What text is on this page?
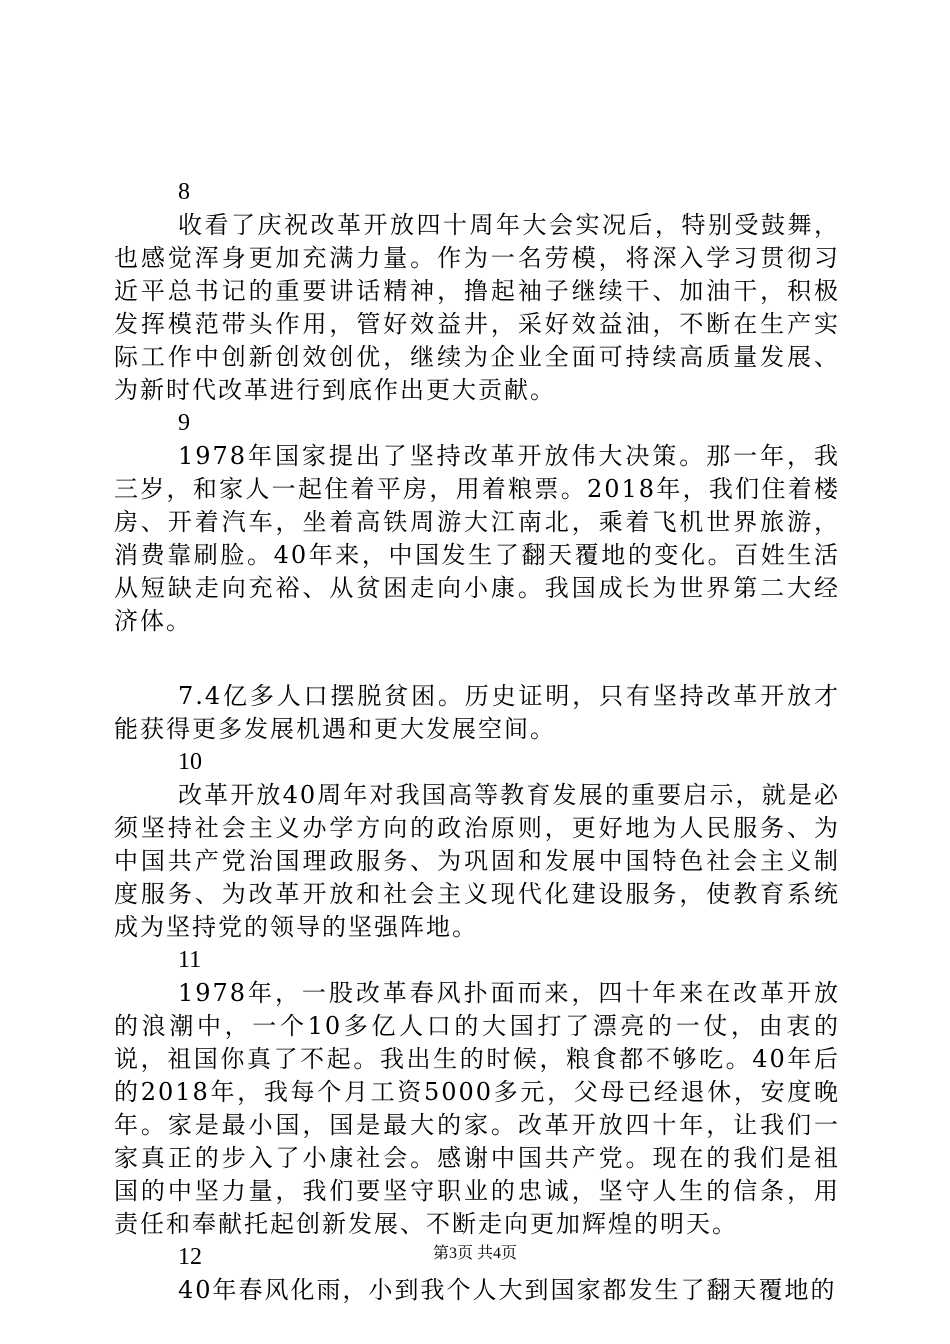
8

收看了庆祝改革开放四十周年大会实况后，特别受鼓舞，也感觉浑身更加充满力量。作为一名劳模，将深入学习贯彻习近平总书记的重要讲话精神，撸起袖子继续干、加油干，积极发挥模范带头作用，管好效益井，采好效益油，不断在生产实际工作中创新创效创优，继续为企业全面可持续高质量发展、为新时代改革进行到底作出更大贡献。

9

1978年国家提出了坚持改革开放伟大决策。那一年，我三岁，和家人一起住着平房，用着粮票。2018年，我们住着楼房、开着汽车，坐着高铁周游大江南北，乘着飞机世界旅游，消费靠刷脸。40年来，中国发生了翻天覆地的变化。百姓生活从短缺走向充裕、从贫困走向小康。我国成长为世界第二大经济体。

7.4亿多人口摆脱贫困。历史证明，只有坚持改革开放才能获得更多发展机遇和更大发展空间。

10

改革开放40周年对我国高等教育发展的重要启示，就是必须坚持社会主义办学方向的政治原则，更好地为人民服务、为中国共产党治国理政服务、为巩固和发展中国特色社会主义制度服务、为改革开放和社会主义现代化建设服务，使教育系统成为坚持党的领导的坚强阵地。

11

1978年，一股改革春风扑面而来，四十年来在改革开放的浪潮中，一个10多亿人口的大国打了漂亮的一仗，由衷的说，祖国你真了不起。我出生的时候，粮食都不够吃。40年后的2018年，我每个月工资5000多元，父母已经退休，安度晚年。家是最小国，国是最大的家。改革开放四十年，让我们一家真正的步入了小康社会。感谢中国共产党。现在的我们是祖国的中坚力量，我们要坚守职业的忠诚，坚守人生的信条，用责任和奉献托起创新发展、不断走向更加辉煌的明天。

12

40年春风化雨，小到我个人大到国家都发生了翻天覆地的

第3页 共4页
